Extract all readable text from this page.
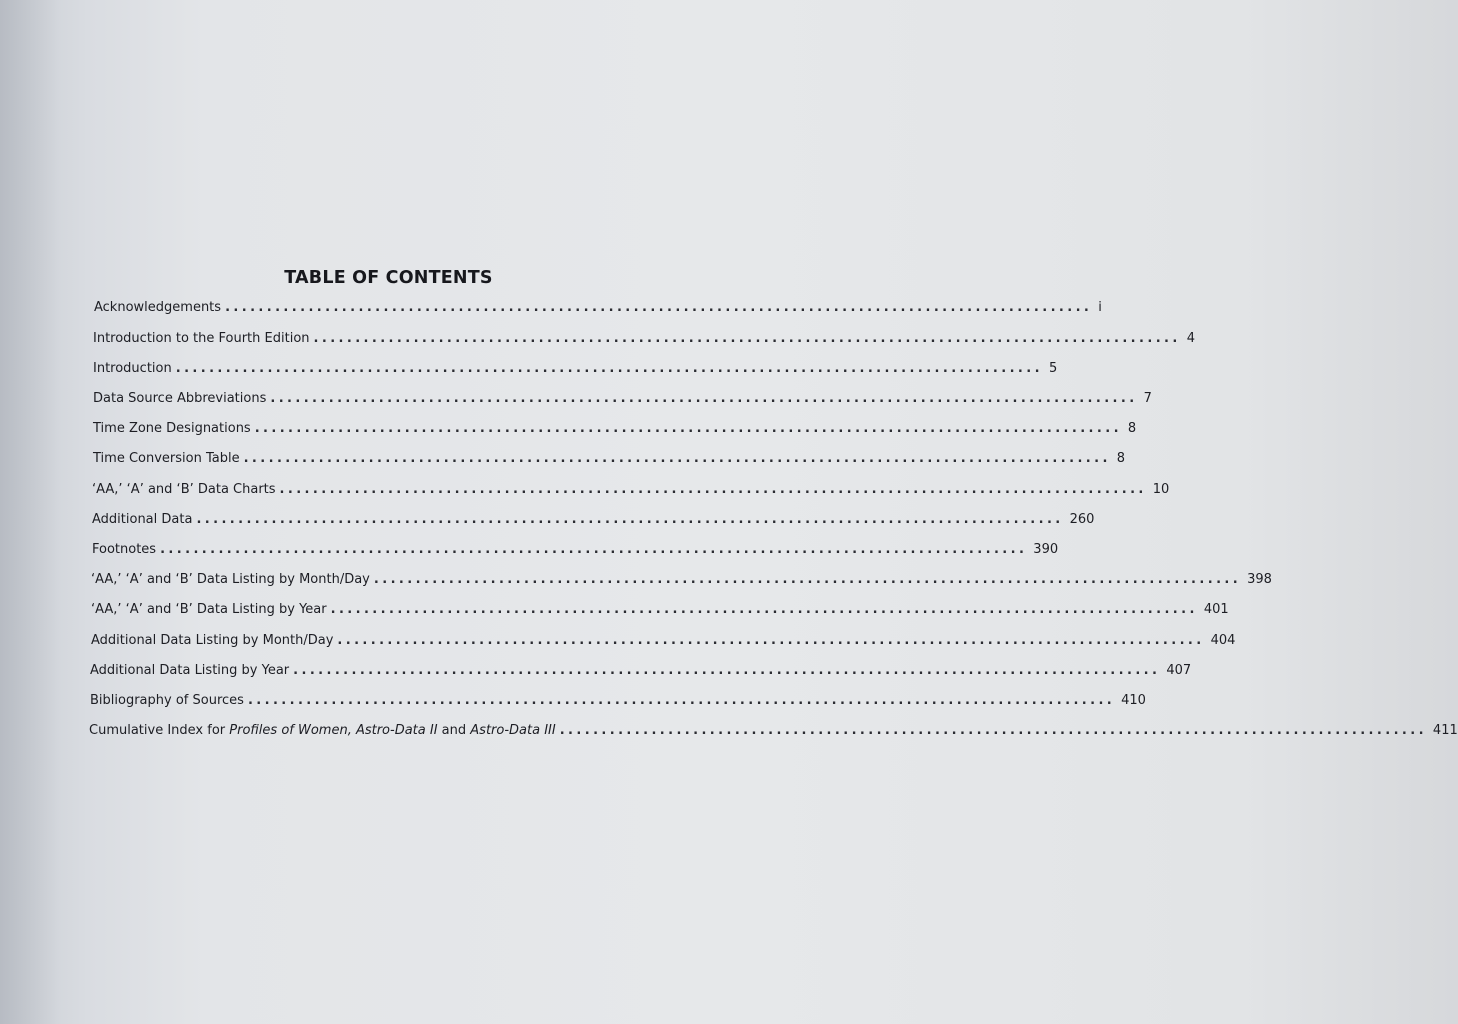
TABLE OF CONTENTS
Acknowledgements ........................................................................................................ i
Introduction to the Fourth Edition ........................................................................................................ 4
Introduction ........................................................................................................ 5
Data Source Abbreviations ........................................................................................................ 7
Time Zone Designations ........................................................................................................ 8
Time Conversion Table ........................................................................................................ 8
‘AA,’ ‘A’ and ‘B’ Data Charts ........................................................................................................ 10
Additional Data ........................................................................................................ 260
Footnotes ........................................................................................................ 390
‘AA,’ ‘A’ and ‘B’ Data Listing by Month/Day ........................................................................................................ 398
‘AA,’ ‘A’ and ‘B’ Data Listing by Year ........................................................................................................ 401
Additional Data Listing by Month/Day ........................................................................................................ 404
Additional Data Listing by Year ........................................................................................................ 407
Bibliography of Sources ........................................................................................................ 410
Cumulative Index for Profiles of Women, Astro-Data II and Astro-Data III ........................................................................................................ 411
